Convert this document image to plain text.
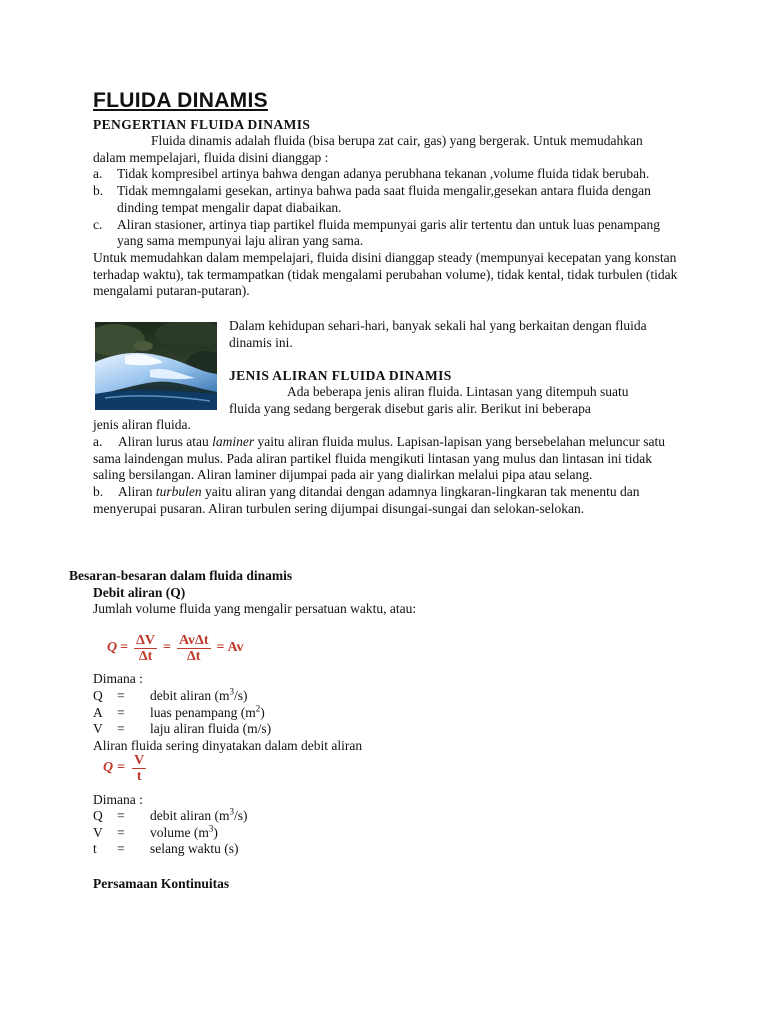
FLUIDA DINAMIS
PENGERTIAN FLUIDA DINAMIS

Fluida dinamis adalah fluida (bisa berupa zat cair, gas) yang bergerak. Untuk memudahkan dalam mempelajari, fluida disini dianggap :

a.	Tidak kompresibel artinya bahwa dengan adanya perubhana tekanan ,volume fluida tidak berubah.
b.	Tidak memngalami gesekan, artinya bahwa pada saat fluida mengalir,gesekan antara fluida dengan dinding tempat mengalir dapat diabaikan.
c.	Aliran stasioner, artinya tiap partikel fluida mempunyai garis alir tertentu dan untuk luas penampang yang sama mempunyai laju aliran yang sama.

Untuk memudahkan dalam mempelajari, fluida disini dianggap steady (mempunyai kecepatan yang konstan terhadap waktu), tak termampatkan (tidak mengalami perubahan volume), tidak kental, tidak turbulen (tidak mengalami putaran-putaran).

Dalam kehidupan sehari-hari, banyak sekali hal yang berkaitan dengan fluida dinamis ini.
JENIS ALIRAN FLUIDA DINAMIS
Ada beberapa jenis aliran fluida. Lintasan yang ditempuh suatu
fluida yang sedang bergerak disebut garis alir. Berikut ini beberapa
jenis aliran fluida.
a. Aliran lurus atau laminer yaitu aliran fluida mulus. Lapisan-lapisan yang bersebelahan meluncur satu sama laindengan mulus. Pada aliran partikel fluida mengikuti lintasan yang mulus dan lintasan ini tidak saling bersilangan. Aliran laminer dijumpai pada air yang dialirkan melalui pipa atau selang.
b. Aliran turbulen yaitu aliran yang ditandai dengan adamnya lingkaran-lingkaran tak menentu dan menyerupai pusaran. Aliran turbulen sering dijumpai disungai-sungai dan selokan-selokan.
Besaran-besaran dalam fluida dinamis
Debit aliran (Q)
Jumlah volume fluida yang mengalir persatuan waktu, atau:
$Q = \frac{\Delta V}{\Delta t} = \frac{\text{AvΔt}}{\Delta t} = Av$
Dimana :
Q	=	debit aliran $(m^3/s)$
A	=	luas penampang $(m^2)$
V	=	laju aliran fluida (m/s)
Aliran fluida sering dinyatakan dalam debit aliran
$Q = \frac{V}{t}$
Dimana :
Q	=	debit aliran $(m^3/s)$
V	=	volume $(m^3)$
t	=	selang waktu (s)
Persamaan Kontinuitas
